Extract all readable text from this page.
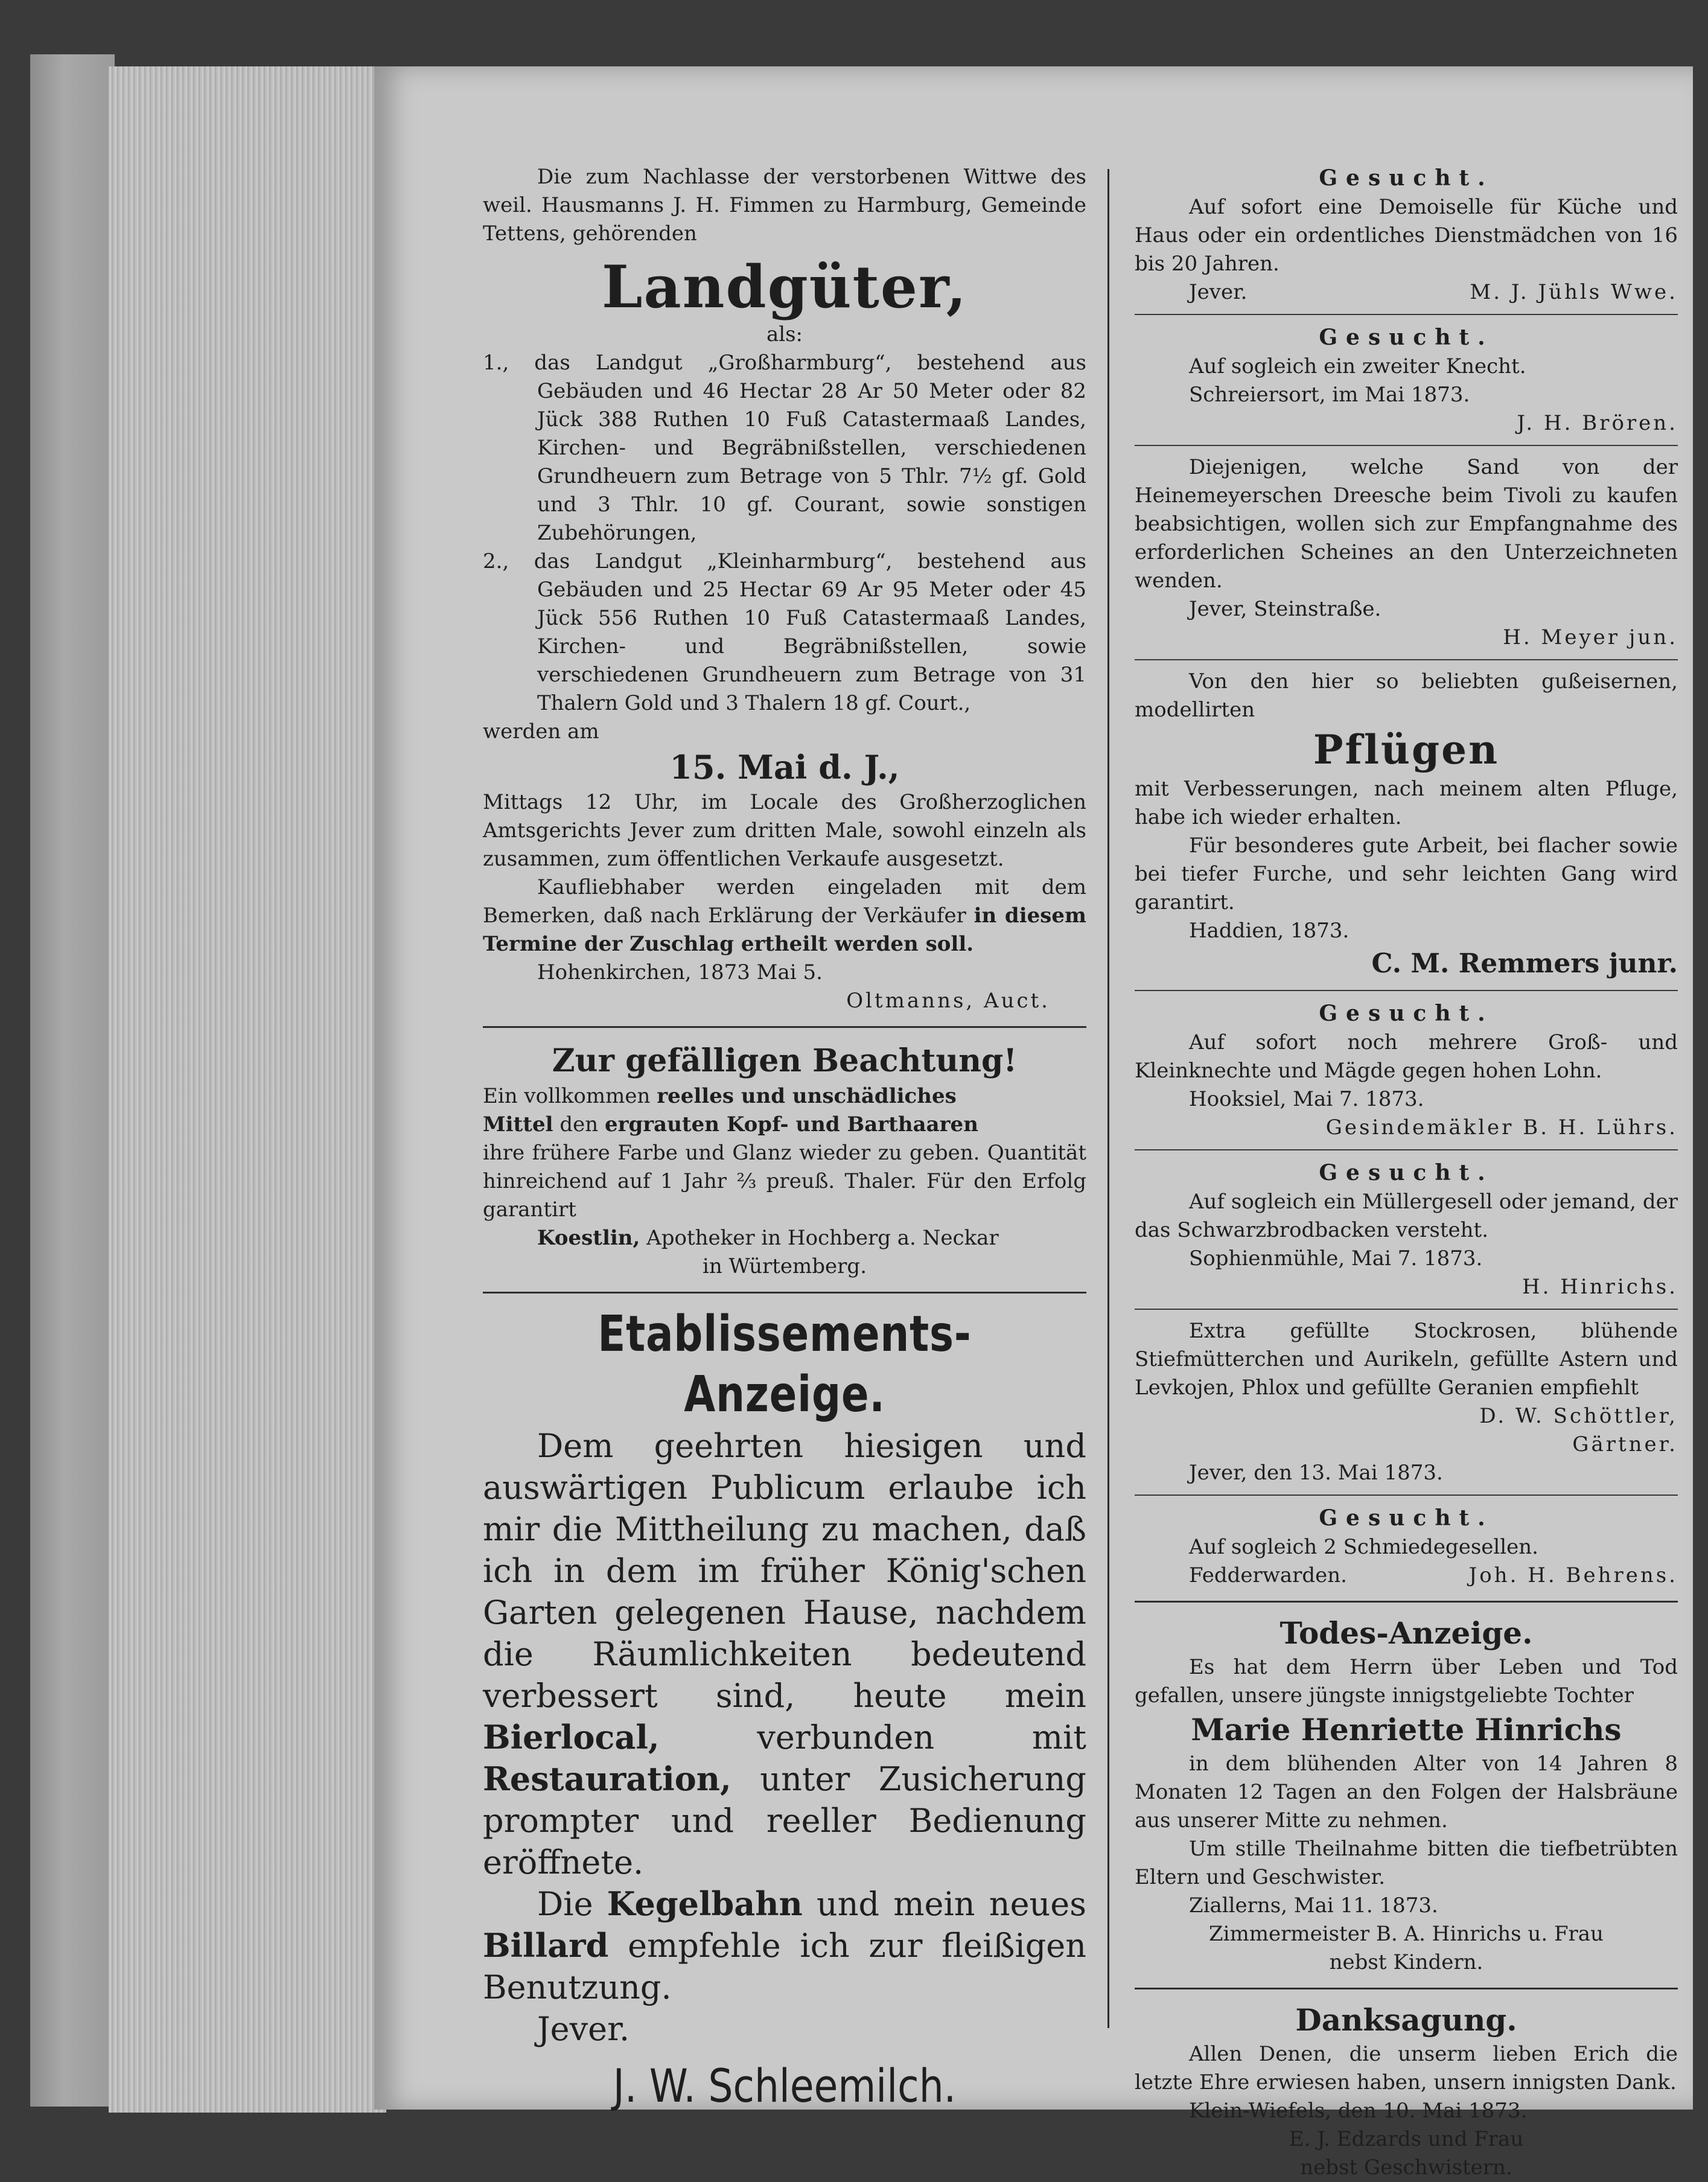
Die zum Nachlasse der verstorbenen Wittwe des weil. Hausmanns J. H. Fimmen zu Harmburg, Gemeinde Tettens, gehörenden

Landgüter,

als:

1., das Landgut „Großharmburg“, bestehend aus Gebäuden und 46 Hectar 28 Ar 50 Meter oder 82 Jück 388 Ruthen 10 Fuß Catastermaaß Landes, Kirchen- und Begräbnißstellen, verschiedenen Grundheuern zum Betrage von 5 Thlr. 7½ gf. Gold und 3 Thlr. 10 gf. Courant, sowie sonstigen Zubehörungen,

2., das Landgut „Kleinharmburg“, bestehend aus Gebäuden und 25 Hectar 69 Ar 95 Meter oder 45 Jück 556 Ruthen 10 Fuß Catastermaaß Landes, Kirchen- und Begräbnißstellen, sowie verschiedenen Grundheuern zum Betrage von 31 Thalern Gold und 3 Thalern 18 gf. Court.,

werden am

15. Mai d. J.,

Mittags 12 Uhr, im Locale des Großherzoglichen Amtsgerichts Jever zum dritten Male, sowohl einzeln als zusammen, zum öffentlichen Verkaufe ausgesetzt.

Kaufliebhaber werden eingeladen mit dem Bemerken, daß nach Erklärung der Verkäufer in diesem Termine der Zuschlag ertheilt werden soll.

Hohenkirchen, 1873 Mai 5.

Oltmanns, Auct.

Zur gefälligen Beachtung!

Ein vollkommen reelles und unschädliches

Mittel den ergrauten Kopf- und Barthaaren

ihre frühere Farbe und Glanz wieder zu geben. Quantität hinreichend auf 1 Jahr ⅔ preuß. Thaler. Für den Erfolg garantirt

Koestlin, Apotheker in Hochberg a. Neckar

in Würtemberg.

Etablissements-Anzeige.

Dem geehrten hiesigen und auswärtigen Publicum erlaube ich mir die Mittheilung zu machen, daß ich in dem im früher König'schen Garten gelegenen Hause, nachdem die Räumlichkeiten bedeutend verbessert sind, heute mein Bierlocal,	verbunden mit Restauration, unter Zusicherung prompter und reeller Bedienung eröffnete.

Die Kegelbahn und mein neues Billard empfehle ich zur fleißigen Benutzung.

Jever.

J. W. Schleemilch.

Gesucht.

Auf sofort eine Demoiselle für Küche und Haus oder ein ordentliches Dienstmädchen von 16 bis 20 Jahren.

Jever.	M. J. Jühls Wwe.

Gesucht.

Auf sogleich ein zweiter Knecht.

Schreiersort, im Mai 1873.

J. H. Brören.

Diejenigen, welche Sand von der Heinemeyerschen Dreesche beim Tivoli zu kaufen beabsichtigen, wollen sich zur Empfangnahme des erforderlichen Scheines an den Unterzeichneten wenden.

Jever, Steinstraße.

H. Meyer jun.

Von den hier so beliebten gußeisernen, modellirten

Pflügen

mit Verbesserungen, nach meinem alten Pfluge, habe ich wieder erhalten.

Für besonderes gute Arbeit, bei flacher sowie bei tiefer Furche, und sehr leichten Gang wird garantirt.

Haddien, 1873.

C. M. Remmers junr.

Gesucht.

Auf sofort noch mehrere Groß- und Kleinknechte und Mägde gegen hohen Lohn.

Hooksiel, Mai 7. 1873.

Gesindemäkler B. H. Lührs.

Gesucht.

Auf sogleich ein Müllergesell oder jemand, der das Schwarzbrodbacken versteht.

Sophienmühle, Mai 7. 1873.

H. Hinrichs.

Extra gefüllte Stockrosen, blühende Stiefmütterchen und Aurikeln, gefüllte Astern und Levkojen, Phlox und gefüllte Geranien empfiehlt

D. W. Schöttler,

Gärtner.

Jever, den 13. Mai 1873.

Gesucht.

Auf sogleich 2 Schmiedegesellen.

Fedderwarden.	Joh. H. Behrens.

Todes-Anzeige.

Es hat dem Herrn über Leben und Tod gefallen, unsere jüngste innigstgeliebte Tochter

Marie Henriette Hinrichs

in dem blühenden Alter von 14 Jahren 8 Monaten 12 Tagen an den Folgen der Halsbräune aus unserer Mitte zu nehmen.

Um stille Theilnahme bitten die tiefbetrübten Eltern und Geschwister.

Ziallerns, Mai 11. 1873.

Zimmermeister B. A. Hinrichs u. Frau

nebst Kindern.

Danksagung.

Allen Denen, die unserm lieben Erich die letzte Ehre erwiesen haben, unsern innigsten Dank.

Klein-Wiefels, den 10. Mai 1873.

E. J. Edzards und Frau

nebst Geschwistern.
